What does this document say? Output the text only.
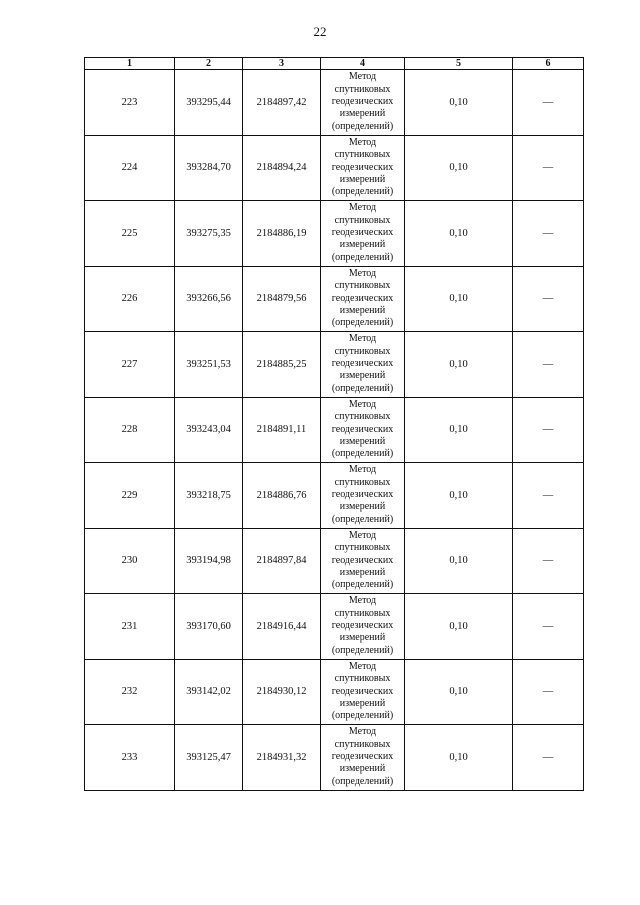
22
1	2	3	4	5	6
223	393295,44	2184897,42	Метод
спутниковых
геодезических
измерений
(определений)	0,10	—
224	393284,70	2184894,24	Метод
спутниковых
геодезических
измерений
(определений)	0,10	—
225	393275,35	2184886,19	Метод
спутниковых
геодезических
измерений
(определений)	0,10	—
226	393266,56	2184879,56	Метод
спутниковых
геодезических
измерений
(определений)	0,10	—
227	393251,53	2184885,25	Метод
спутниковых
геодезических
измерений
(определений)	0,10	—
228	393243,04	2184891,11	Метод
спутниковых
геодезических
измерений
(определений)	0,10	—
229	393218,75	2184886,76	Метод
спутниковых
геодезических
измерений
(определений)	0,10	—
230	393194,98	2184897,84	Метод
спутниковых
геодезических
измерений
(определений)	0,10	—
231	393170,60	2184916,44	Метод
спутниковых
геодезических
измерений
(определений)	0,10	—
232	393142,02	2184930,12	Метод
спутниковых
геодезических
измерений
(определений)	0,10	—
233	393125,47	2184931,32	Метод
спутниковых
геодезических
измерений
(определений)	0,10	—
